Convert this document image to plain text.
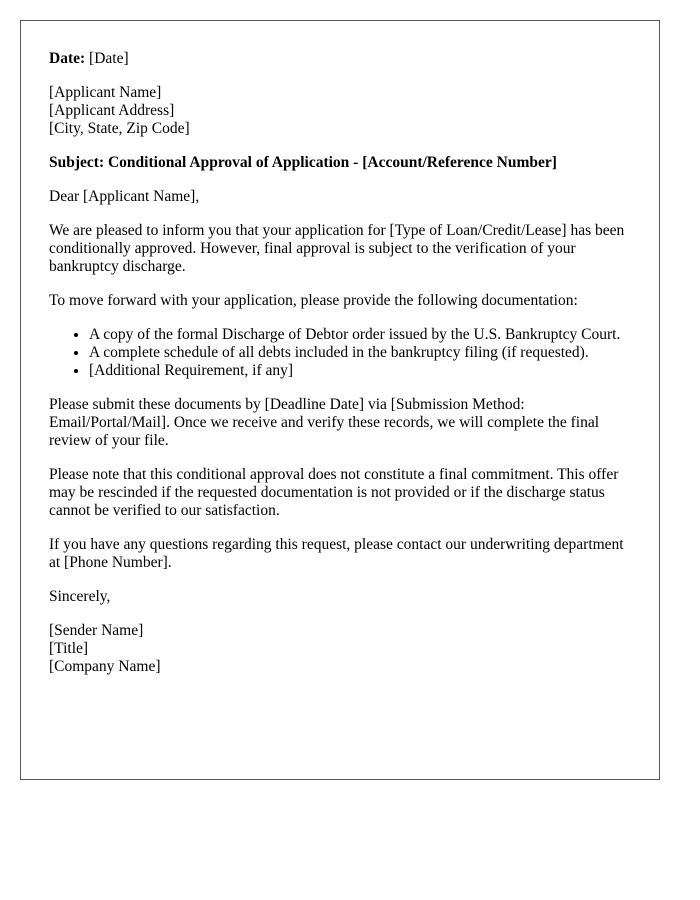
Date: [Date]

[Applicant Name]
[Applicant Address]
[City, State, Zip Code]

Subject: Conditional Approval of Application - [Account/Reference Number]

Dear [Applicant Name],

We are pleased to inform you that your application for [Type of Loan/Credit/Lease] has been conditionally approved. However, final approval is subject to the verification of your bankruptcy discharge.

To move forward with your application, please provide the following documentation:

• A copy of the formal Discharge of Debtor order issued by the U.S. Bankruptcy Court.
• A complete schedule of all debts included in the bankruptcy filing (if requested).
• [Additional Requirement, if any]

Please submit these documents by [Deadline Date] via [Submission Method: Email/Portal/Mail]. Once we receive and verify these records, we will complete the final review of your file.

Please note that this conditional approval does not constitute a final commitment. This offer may be rescinded if the requested documentation is not provided or if the discharge status cannot be verified to our satisfaction.

If you have any questions regarding this request, please contact our underwriting department at [Phone Number].

Sincerely,

[Sender Name]
[Title]
[Company Name]
